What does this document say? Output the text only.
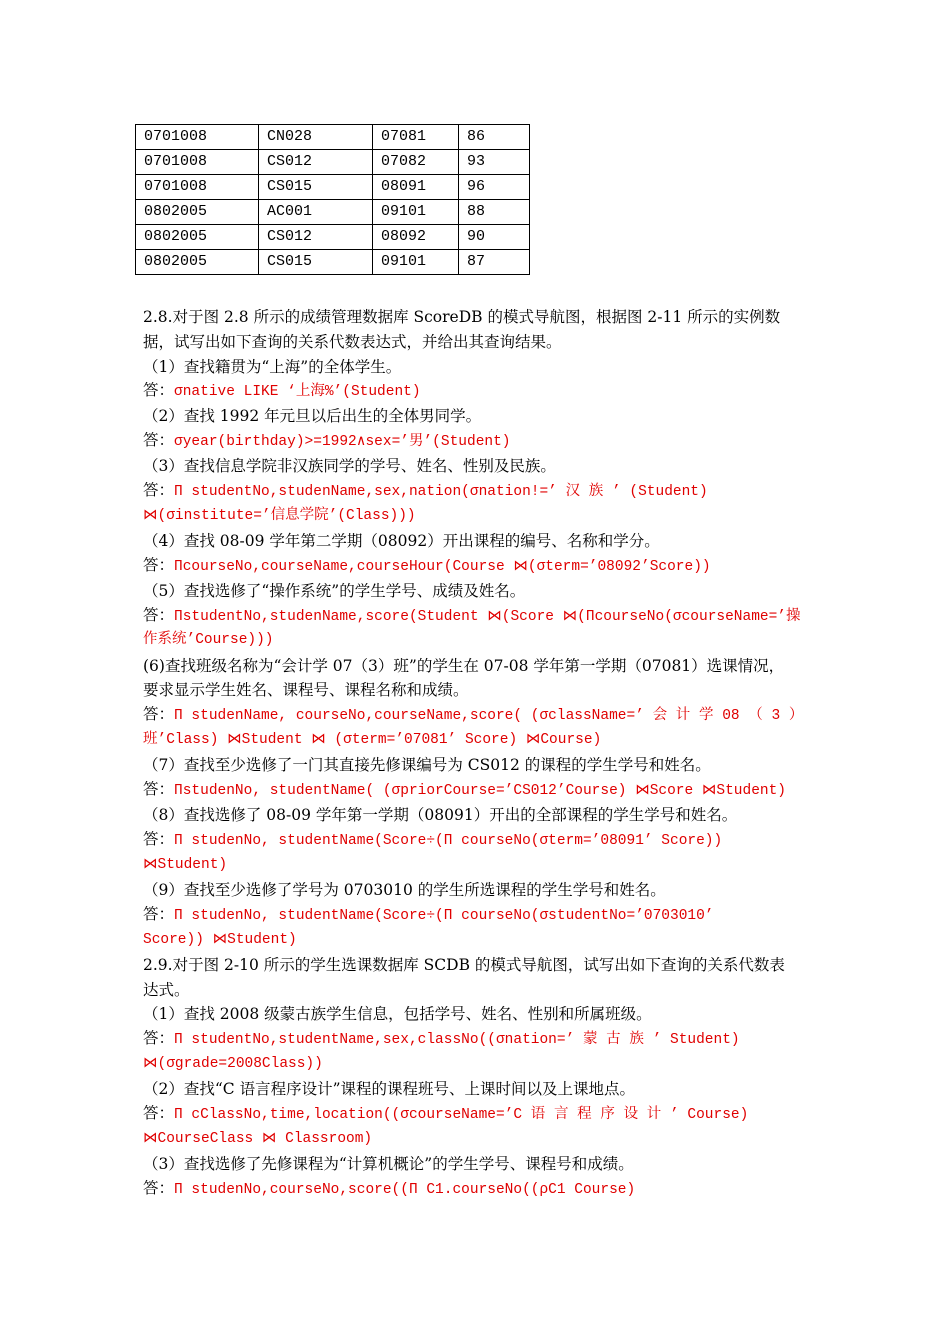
0701008	CN028	07081	86
0701008	CS012	07082	93
0701008	CS015	08091	96
0802005	AC001	09101	88
0802005	CS012	08092	90
0802005	CS015	09101	87
2.8.对于图 2.8 所示的成绩管理数据库 ScoreDB 的模式导航图，根据图 2-11 所示的实例数
据，试写出如下查询的关系代数表达式，并给出其查询结果。
（1）查找籍贯为“上海”的全体学生。
答：σnative LIKE ‘上海%’(Student)
（2）查找 1992 年元旦以后出生的全体男同学。
答：σyear(birthday)>=1992∧sex=’男’(Student)
（3）查找信息学院非汉族同学的学号、姓名、性别及民族。
答：Π studentNo,studenName,sex,nation(σnation!=’ 汉 族 ’ (Student)
⋈(σinstitute=’信息学院’(Class)))
（4）查找 08-09 学年第二学期（08092）开出课程的编号、名称和学分。
答：ΠcourseNo,courseName,courseHour(Course ⋈(σterm=’08092’Score))
（5）查找选修了“操作系统”的学生学号、成绩及姓名。
答：ΠstudentNo,studenName,score(Student ⋈(Score ⋈(ΠcourseNo(σcourseName=’操
作系统’Course)))
(6)查找班级名称为“会计学 07（3）班”的学生在 07-08 学年第一学期（07081）选课情况，
要求显示学生姓名、课程号、课程名称和成绩。
答：Π studenName, courseNo,courseName,score( (σclassName=’ 会 计 学 08 （ 3 ）
班’Class) ⋈Student ⋈ (σterm=’07081’ Score) ⋈Course)
（7）查找至少选修了一门其直接先修课编号为 CS012 的课程的学生学号和姓名。
答：ΠstudenNo, studentName( (σpriorCourse=’CS012’Course) ⋈Score ⋈Student)
（8）查找选修了 08-09 学年第一学期（08091）开出的全部课程的学生学号和姓名。
答：Π studenNo, studentName(Score÷(Π courseNo(σterm=’08091’ Score))
⋈Student)
（9）查找至少选修了学号为 0703010 的学生所选课程的学生学号和姓名。
答：Π studenNo, studentName(Score÷(Π courseNo(σstudentNo=’0703010’
Score)) ⋈Student)
2.9.对于图 2-10 所示的学生选课数据库 SCDB 的模式导航图，试写出如下查询的关系代数表
达式。
（1）查找 2008 级蒙古族学生信息，包括学号、姓名、性别和所属班级。
答：Π studentNo,studentName,sex,classNo((σnation=’ 蒙 古 族 ’ Student)
⋈(σgrade=2008Class))
（2）查找“C 语言程序设计”课程的课程班号、上课时间以及上课地点。
答：Π cClassNo,time,location((σcourseName=’C 语 言 程 序 设 计 ’ Course)
⋈CourseClass ⋈ Classroom)
（3）查找选修了先修课程为“计算机概论”的学生学号、课程号和成绩。
答：Π studenNo,courseNo,score((Π C1.courseNo((ρC1 Course)
